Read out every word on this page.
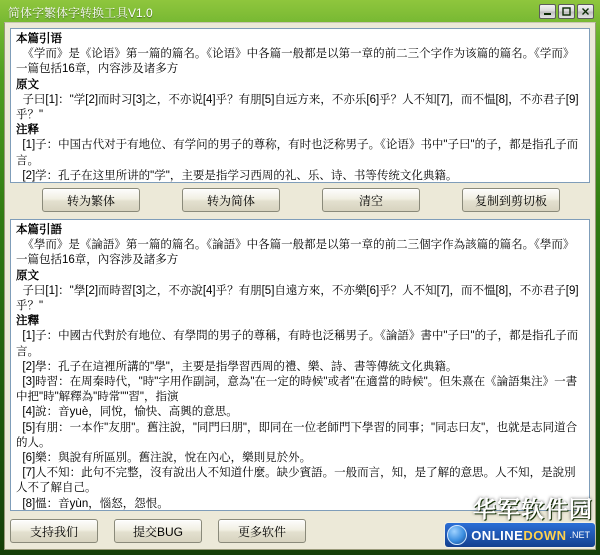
简体字繁体字转换工具V1.0
本篇引语
《学而》是《论语》第一篇的篇名。《论语》中各篇一般都是以第一章的前二三个字作为该篇的篇名。《学而》一篇包括16章，内容涉及诸多方
原文
子曰[1]："学[2]而时习[3]之，不亦说[4]乎？有朋[5]自远方来，不亦乐[6]乎？人不知[7]，而不愠[8]，不亦君子[9]乎？"
注释
[1]子：中国古代对于有地位、有学问的男子的尊称，有时也泛称男子。《论语》书中"子曰"的子，都是指孔子而言。
[2]学：孔子在这里所讲的"学"，主要是指学习西周的礼、乐、诗、书等传统文化典籍。
转为繁体	转为简体	清空	复制到剪切板
本篇引語
《學而》是《論語》第一篇的篇名。《論語》中各篇一般都是以第一章的前二三個字作為該篇的篇名。《學而》一篇包括16章，內容涉及諸多方
原文
子曰[1]："學[2]而時習[3]之，不亦說[4]乎？有朋[5]自遠方來，不亦樂[6]乎？人不知[7]，而不慍[8]，不亦君子[9]乎？"
注釋
[1]子：中國古代對於有地位、有學問的男子的尊稱，有時也泛稱男子。《論語》書中"子曰"的子，都是指孔子而言。
[2]學：孔子在這裡所講的"學"，主要是指學習西周的禮、樂、詩、書等傳統文化典籍。
[3]時習：在周秦時代，"時"字用作副詞，意為"在一定的時候"或者"在適當的時候"。但朱熹在《論語集注》一書中把"時"解釋為"時常""習"，指演
[4]說：音yuè，同悅，愉快、高興的意思。
[5]有朋：一本作"友朋"。舊注說，"同門曰朋"，即同在一位老師門下學習的同事；"同志曰友"，也就是志同道合的人。
[6]樂：與說有所區別。舊注說，悅在內心，樂則見於外。
[7]人不知：此句不完整，沒有說出人不知道什麼。缺少賓語。一般而言，知，是了解的意思。人不知，是說別人不了解自己。
[8]慍：音yùn，惱怒，怨恨。
支持我们	提交BUG	更多软件
华军软件园
ONLINE DOWN .NET
